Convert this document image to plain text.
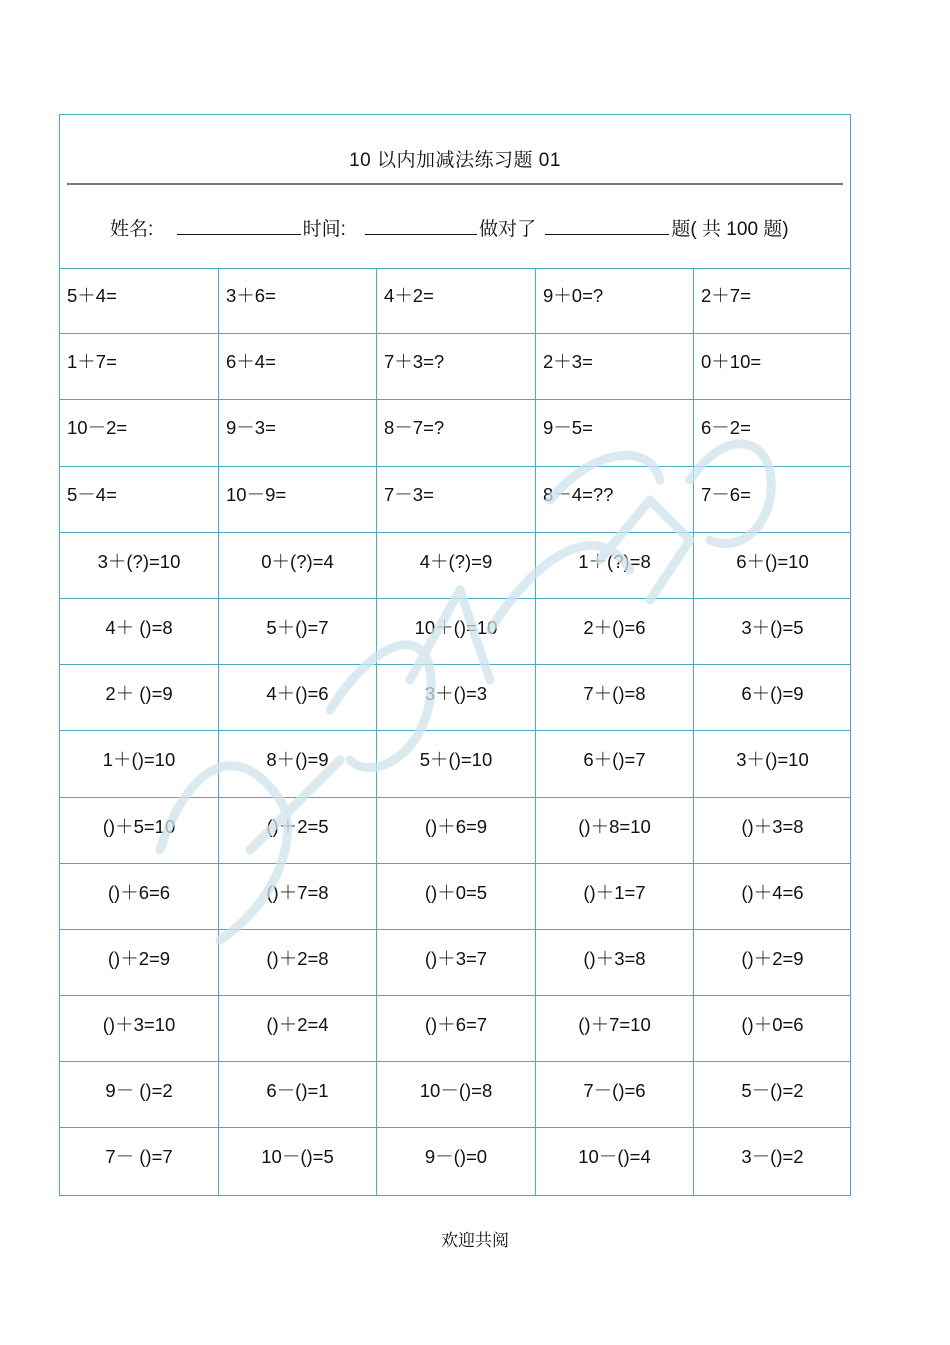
10 以内加减法练习题 01
姓名:	时间:	做对了	题( 共 100 题)
5＋4=	3＋6=	4＋2=	9＋0=?	2＋7=
1＋7=	6＋4=	7＋3=?	2＋3=	0＋10=
10－2=	9－3=	8－7=?	9－5=	6－2=
5－4=	10－9=	7－3=	8－4=??	7－6=
3＋(?)=10	0＋(?)=4	4＋(?)=9	1＋(?)=8	6＋()=10
4＋ ()=8	5＋()=7	10＋()=10	2＋()=6	3＋()=5
2＋ ()=9	4＋()=6	3＋()=3	7＋()=8	6＋()=9
1＋()=10	8＋()=9	5＋()=10	6＋()=7	3＋()=10
()＋5=10	()＋2=5	()＋6=9	()＋8=10	()＋3=8
()＋6=6	()＋7=8	()＋0=5	()＋1=7	()＋4=6
()＋2=9	()＋2=8	()＋3=7	()＋3=8	()＋2=9
()＋3=10	()＋2=4	()＋6=7	()＋7=10	()＋0=6
9－ ()=2	6－()=1	10－()=8	7－()=6	5－()=2
7－ ()=7	10－()=5	9－()=0	10－()=4	3－()=2
欢迎共阅
